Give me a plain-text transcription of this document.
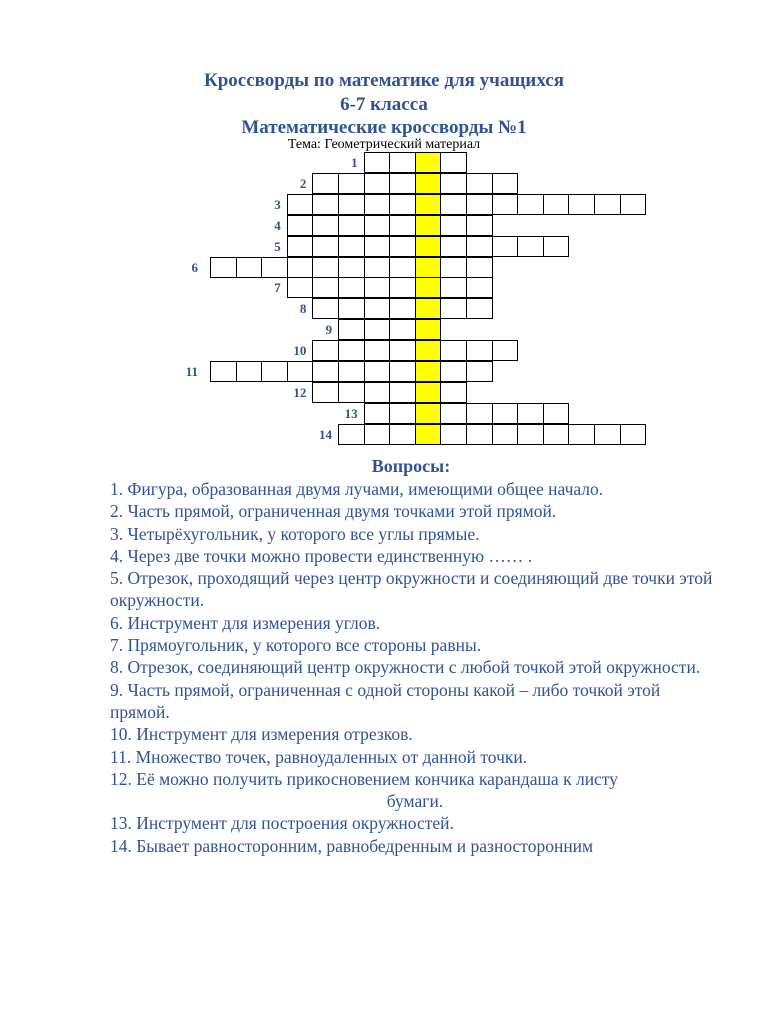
Кроссворды по математике для учащихся
6-7 класса
Математические кроссворды №1
Тема: Геометрический материал
1
2
3
4
5
6
7
8
9
10
11
12
13
14
Вопросы:
1. Фигура, образованная двумя лучами, имеющими общее начало.
2. Часть прямой, ограниченная двумя точками этой прямой.
3. Четырёхугольник, у которого все углы прямые.
4. Через две точки можно провести единственную …… .
5. Отрезок, проходящий через центр окружности и соединяющий две точки этой окружности.
6. Инструмент для измерения углов.
7. Прямоугольник, у которого все стороны равны.
8. Отрезок, соединяющий центр окружности с любой точкой этой окружности.
9. Часть прямой, ограниченная с одной стороны какой – либо точкой этой прямой.
10. Инструмент для измерения отрезков.
11. Множество точек, равноудаленных от данной точки.
12. Её можно получить прикосновением кончика карандаша к листу
бумаги.
13. Инструмент для построения окружностей.
14. Бывает равносторонним, равнобедренным и разносторонним
